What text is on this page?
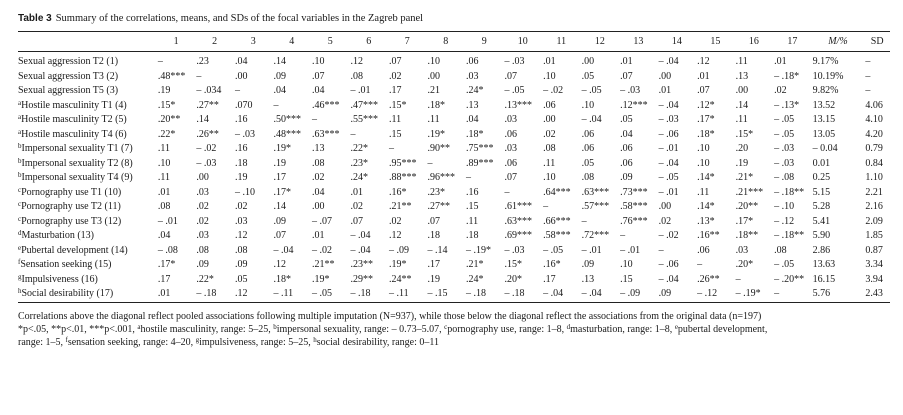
Table 3 Summary of the correlations, means, and SDs of the focal variables in the Zagreb panel
	1	2	3	4	5	6	7	8	9	10	11	12	13	14	15	16	17	M/%	SD
Sexual aggression T2 (1)	–	.23	.04	.14	.10	.12	.07	.10	.06	– .03	.01	.00	.01	– .04	.12	.11	.01	9.17%	–
Sexual aggression T3 (2)	.48***	–	.00	.09	.07	.08	.02	.00	.03	.07	.10	.05	.07	.00	.01	.13	– .18*	10.19%	–
Sexual aggression T5 (3)	.19	– .034	–	.04	.04	– .01	.17	.21	.24*	– .05	– .02	– .05	– .03	.01	.07	.00	.02	9.82%	–
$^a$Hostile masculinity T1 (4)	.15*	.27**	.070	–	.46***	.47***	.15*	.18*	.13	.13***	.06	.10	.12***	– .04	.12*	.14	– .13*	13.52	4.06
$^a$Hostile masculinity T2 (5)	.20**	.14	.16	.50***	–	.55***	.11	.11	.04	.03	.00	– .04	.05	– .03	.17*	.11	– .05	13.15	4.10
$^a$Hostile masculinity T4 (6)	.22*	.26**	– .03	.48***	.63***	–	.15	.19*	.18*	.06	.02	.06	.04	– .06	.18*	.15*	– .05	13.05	4.20
$^b$Impersonal sexuality T1 (7)	.11	– .02	.16	.19*	.13	.22*	–	.90**	.75***	.03	.08	.06	.06	– .01	.10	.20	– .03	– 0.04	0.79
$^b$Impersonal sexuality T2 (8)	.10	– .03	.18	.19	.08	.23*	.95***	–	.89***	.06	.11	.05	.06	– .04	.10	.19	– .03	0.01	0.84
$^b$Impersonal sexuality T4 (9)	.11	.00	.19	.17	.02	.24*	.88***	.96***	–	.07	.10	.08	.09	– .05	.14*	.21*	– .08	0.25	1.10
$^c$Pornography use T1 (10)	.01	.03	– .10	.17*	.04	.01	.16*	.23*	.16	–	.64***	.63***	.73***	– .01	.11	.21***	– .18**	5.15	2.21
$^c$Pornography use T2 (11)	.08	.02	.02	.14	.00	.02	.21**	.27**	.15	.61***	–	.57***	.58***	.00	.14*	.20**	– .10	5.28	2.16
$^c$Pornography use T3 (12)	– .01	.02	.03	.09	– .07	.07	.02	.07	.11	.63***	.66***	–	.76***	.02	.13*	.17*	– .12	5.41	2.09
$^d$Masturbation (13)	.04	.03	.12	.07	.01	– .04	.12	.18	.18	.69***	.58***	.72***	–	– .02	.16**	.18**	– .18**	5.90	1.85
$^e$Pubertal development (14)	– .08	.08	.08	– .04	– .02	– .04	– .09	– .14	– .19*	– .03	– .05	– .01	– .01	–	.06	.03	.08	2.86	0.87
$^f$Sensation seeking (15)	.17*	.09	.09	.12	.21**	.23**	.19*	.17	.21*	.15*	.16*	.09	.10	– .06	–	.20*	– .05	13.63	3.34
$^g$Impulsiveness (16)	.17	.22*	.05	.18*	.19*	.29**	.24**	.19	.24*	.20*	.17	.13	.15	– .04	.26**	–	– .20**	16.15	3.94
$^h$Social desirability (17)	.01	– .18	.12	– .11	– .05	– .18	– .11	– .15	– .18	– .18	– .04	– .04	– .09	.09	– .12	– .19*	–	5.76	2.43
Correlations above the diagonal reflect pooled associations following multiple imputation (N=937), while those below the diagonal reflect the associations from the original data (n=197)
*p<.05, **p<.01, ***p<.001, $^a$hostile masculinity, range: 5–25, $^b$impersonal sexuality, range: – 0.73–5.07, $^c$pornography use, range: 1–8, $^d$masturbation, range: 1–8, $^e$pubertal development,
range: 1–5, $^f$sensation seeking, range: 4–20, $^g$impulsiveness, range: 5–25, $^h$social desirability, range: 0–11
